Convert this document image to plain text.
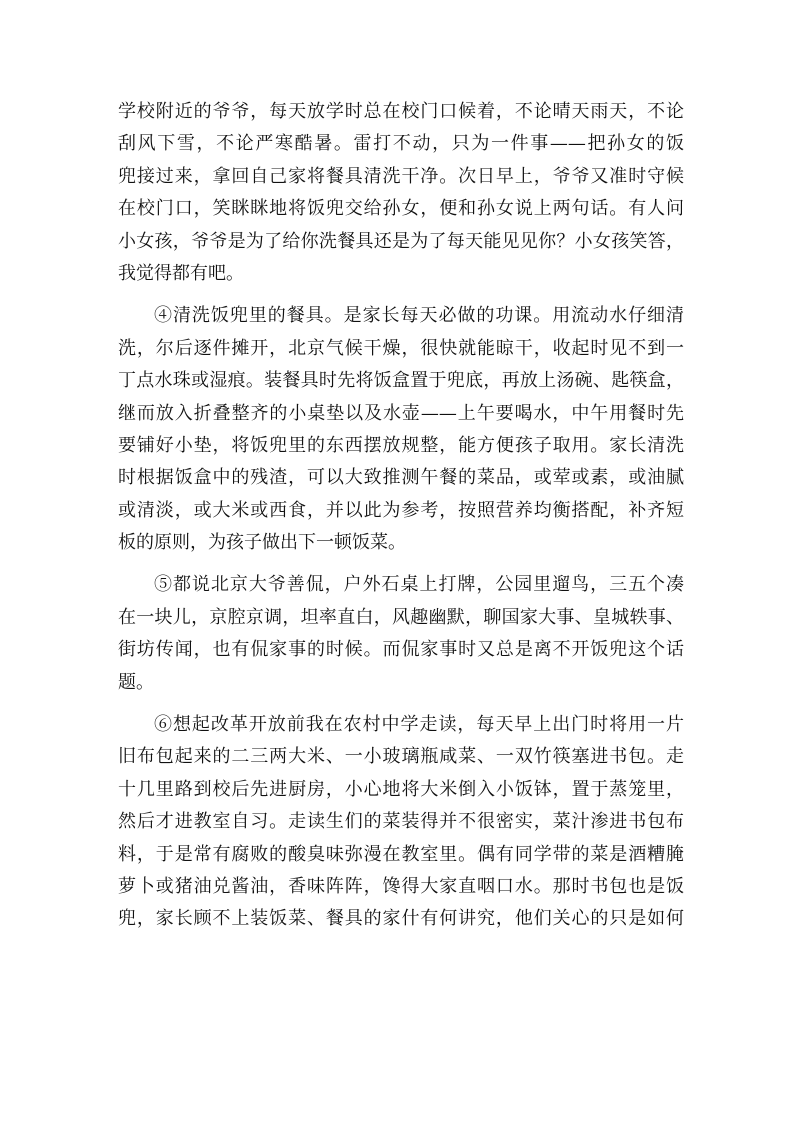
学校附近的爷爷，每天放学时总在校门口候着，不论晴天雨天，不论
刮风下雪，不论严寒酷暑。雷打不动，只为一件事——把孙女的饭
兜接过来，拿回自己家将餐具清洗干净。次日早上，爷爷又准时守候
在校门口，笑眯眯地将饭兜交给孙女，便和孙女说上两句话。有人问
小女孩，爷爷是为了给你洗餐具还是为了每天能见见你？小女孩笑答，
我觉得都有吧。
④清洗饭兜里的餐具。是家长每天必做的功课。用流动水仔细清
洗，尔后逐件摊开，北京气候干燥，很快就能晾干，收起时见不到一
丁点水珠或湿痕。装餐具时先将饭盒置于兜底，再放上汤碗、匙筷盒，
继而放入折叠整齐的小桌垫以及水壶——上午要喝水，中午用餐时先
要铺好小垫，将饭兜里的东西摆放规整，能方便孩子取用。家长清洗
时根据饭盒中的残渣，可以大致推测午餐的菜品，或荤或素，或油腻
或清淡，或大米或西食，并以此为参考，按照营养均衡搭配，补齐短
板的原则，为孩子做出下一顿饭菜。
⑤都说北京大爷善侃，户外石桌上打牌，公园里遛鸟，三五个凑
在一块儿，京腔京调，坦率直白，风趣幽默，聊国家大事、皇城轶事、
街坊传闻，也有侃家事的时候。而侃家事时又总是离不开饭兜这个话
题。
⑥想起改革开放前我在农村中学走读，每天早上出门时将用一片
旧布包起来的二三两大米、一小玻璃瓶咸菜、一双竹筷塞进书包。走
十几里路到校后先进厨房，小心地将大米倒入小饭钵，置于蒸笼里，
然后才进教室自习。走读生们的菜装得并不很密实，菜汁渗进书包布
料，于是常有腐败的酸臭味弥漫在教室里。偶有同学带的菜是酒糟腌
萝卜或猪油兑酱油，香味阵阵，馋得大家直咽口水。那时书包也是饭
兜，家长顾不上装饭菜、餐具的家什有何讲究，他们关心的只是如何
